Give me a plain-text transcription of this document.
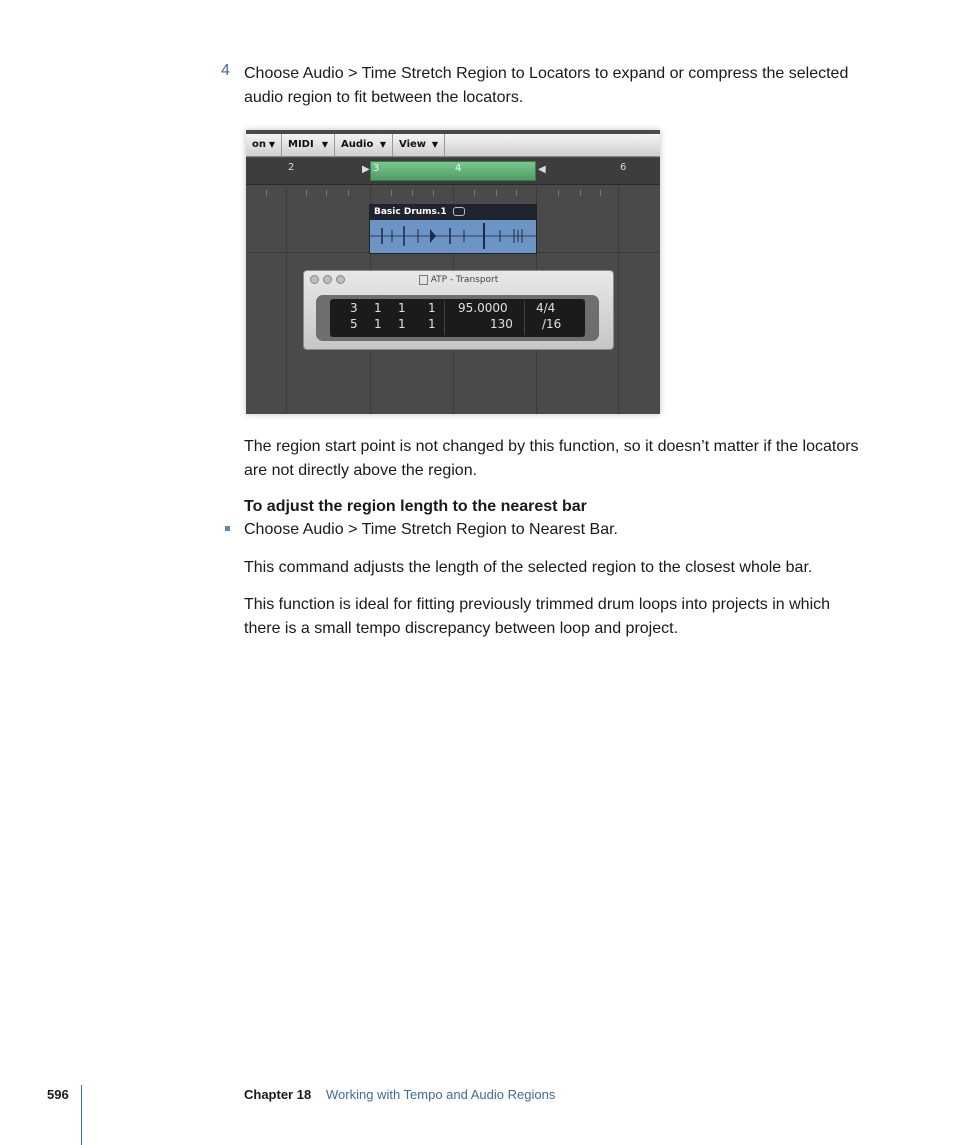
4 Choose Audio > Time Stretch Region to Locators to expand or compress the selected
audio region to fit between the locators.

on ▼	MIDI ▼	Audio ▼	View ▼
2	6
3	4
▶	◀
Basic Drums.1
ATP - Transport
3 1 1 1 95.0000 4/4
5 1 1 1	130 /16

The region start point is not changed by this function, so it doesn’t matter if the locators
are not directly above the region.

To adjust the region length to the nearest bar

Choose Audio > Time Stretch Region to Nearest Bar.

This command adjusts the length of the selected region to the closest whole bar.

This function is ideal for fitting previously trimmed drum loops into projects in which
there is a small tempo discrepancy between loop and project.

596	Chapter 18 Working with Tempo and Audio Regions
